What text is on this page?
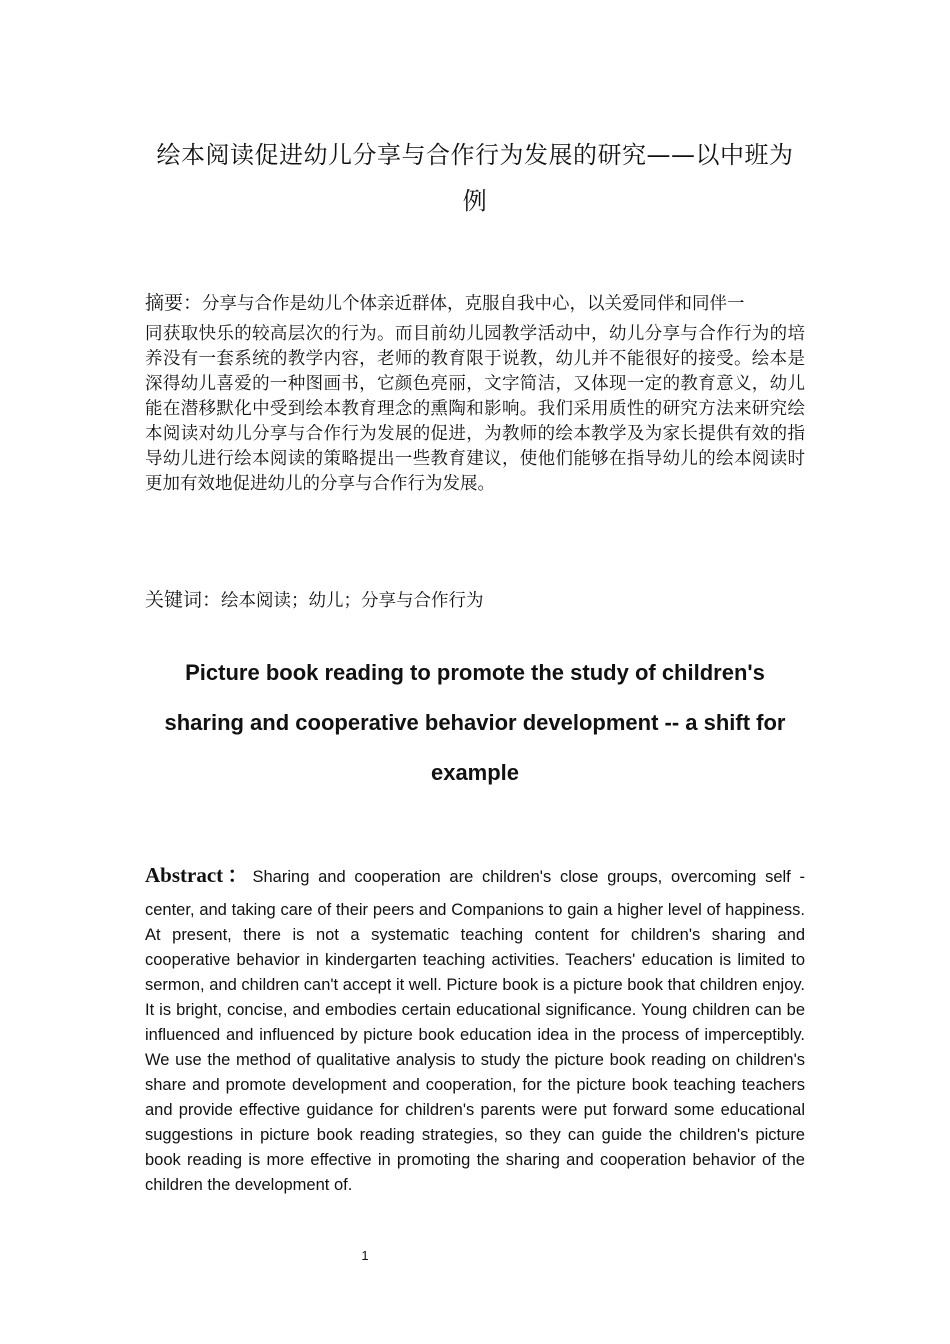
绘本阅读促进幼儿分享与合作行为发展的研究——以中班为例

摘要：分享与合作是幼儿个体亲近群体，克服自我中心，以关爱同伴和同伴一
同获取快乐的较高层次的行为。而目前幼儿园教学活动中，幼儿分享与合作行为的培养没有一套系统的教学内容，老师的教育限于说教，幼儿并不能很好的接受。绘本是深得幼儿喜爱的一种图画书，它颜色亮丽，文字简洁，又体现一定的教育意义，幼儿能在潜移默化中受到绘本教育理念的熏陶和影响。我们采用质性的研究方法来研究绘本阅读对幼儿分享与合作行为发展的促进，为教师的绘本教学及为家长提供有效的指导幼儿进行绘本阅读的策略提出一些教育建议，使他们能够在指导幼儿的绘本阅读时更加有效地促进幼儿的分享与合作行为发展。

关键词：绘本阅读；幼儿；分享与合作行为

Picture book reading to promote the study of children's sharing and cooperative behavior development -- a shift for example

Abstract：Sharing and cooperation are children's close groups, overcoming self -
center, and taking care of their peers and Companions to gain a higher level of happiness. At present, there is not a systematic teaching content for children's sharing and cooperative behavior in kindergarten teaching activities. Teachers' education is limited to sermon, and children can't accept it well. Picture book is a picture book that children enjoy. It is bright, concise, and embodies certain educational significance. Young children can be influenced and influenced by picture book education idea in the process of imperceptibly. We use the method of qualitative analysis to study the picture book reading on children's share and promote development and cooperation, for the picture book teaching teachers and provide effective guidance for children's parents were put forward some educational suggestions in picture book reading strategies, so they can guide the children's picture book reading is more effective in promoting the sharing and cooperation behavior of the children the development of.

1
